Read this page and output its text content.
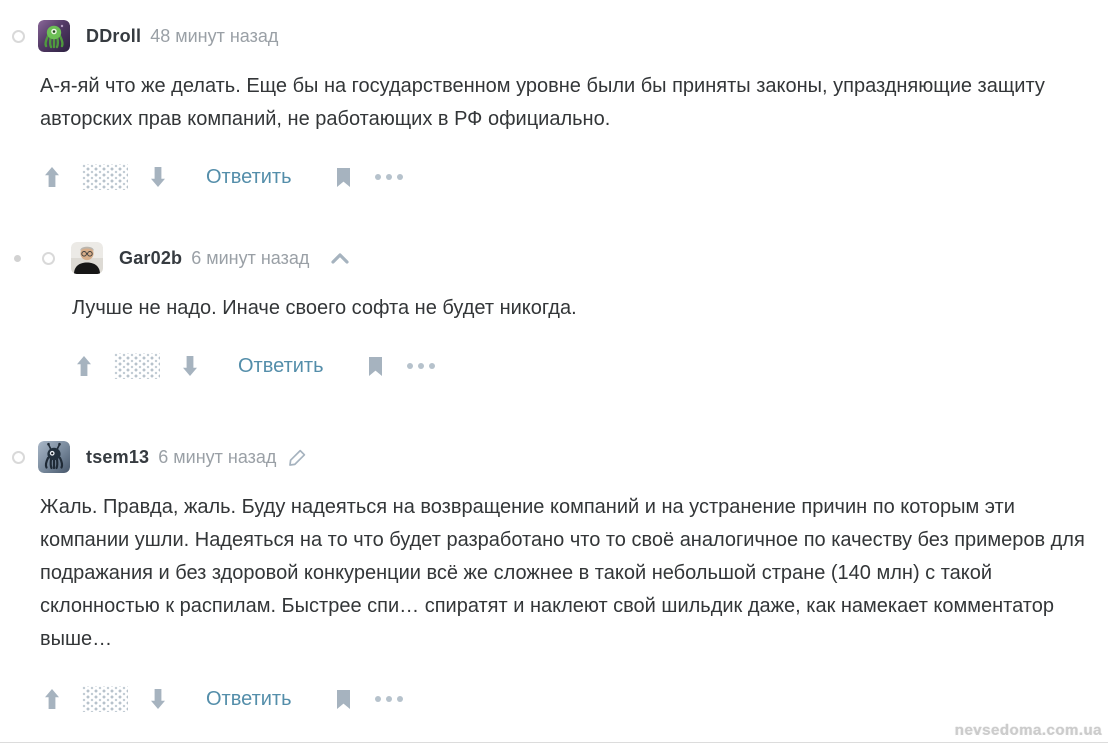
DDroll 48 минут назад
А-я-яй что же делать. Еще бы на государственном уровне были бы приняты законы, упраздняющие защиту авторских прав компаний, не работающих в РФ официально.
Ответить
Gar02b 6 минут назад
Лучше не надо. Иначе своего софта не будет никогда.
Ответить
tsem13 6 минут назад
Жаль. Правда, жаль. Буду надеяться на возвращение компаний и на устранение причин по которым эти компании ушли. Надеяться на то что будет разработано что то своё аналогичное по качеству без примеров для подражания и без здоровой конкуренции всё же сложнее в такой небольшой стране (140 млн) с такой склонностью к распилам. Быстрее спи… спиратят и наклеют свой шильдик даже, как намекает комментатор выше…
Ответить
nevsedoma.com.ua
